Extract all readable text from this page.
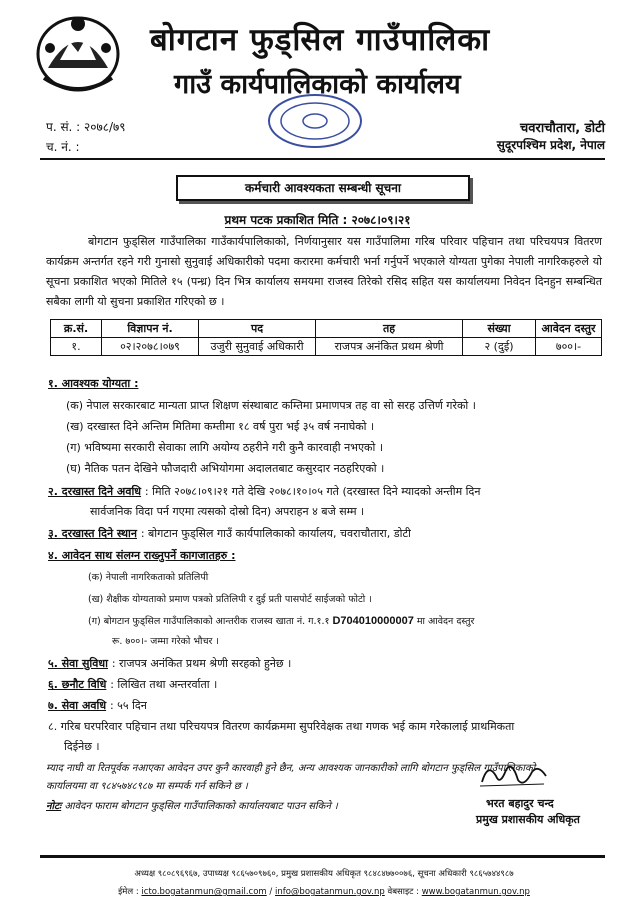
बोगटान फुड्सिल गाउँपालिका
गाउँ कार्यपालिकाको कार्यालय
प. सं. : २०७८/७९
च. नं. :
चवराचौतारा, डोटी
सुदूरपश्चिम प्रदेश, नेपाल
कर्मचारी आवश्यकता सम्बन्धी सूचना
प्रथम पटक प्रकाशित मिति : २०७८।०९।२१
बोगटान फुड्सिल गाउँपालिका गाउँकार्यपालिकाको, निर्णयानुसार यस गाउँपालिमा गरिब परिवार पहिचान तथा परिचयपत्र वितरण कार्यक्रम अन्तर्गत रहने गरी गुनासो सुनुवाई अधिकारीको पदमा करारमा कर्मचारी भर्ना गर्नुपर्ने भएकाले योग्यता पुगेका नेपाली नागरिकहरुले यो सूचना प्रकाशित भएको मितिले १५ (पन्ध्र) दिन भित्र कार्यालय समयमा राजस्व तिरेको रसिद सहित यस कार्यालयमा निवेदन दिनहुन सम्बन्धित सबैका लागी यो सुचना प्रकाशित गरिएको छ ।
क्र.सं.	विज्ञापन नं.	पद	तह	संख्या	आवेदन दस्तुर
१.	०२।२०७८।०७९	उजुरी सुनुवाई अधिकारी	राजपत्र अनंकित प्रथम श्रेणी	२ (दुई)	७००।-
१. आवश्यक योग्यता :
(क) नेपाल सरकारबाट मान्यता प्राप्त शिक्षण संस्थाबाट कम्तिमा प्रमाणपत्र तह वा सो सरह उत्तिर्ण गरेको ।
(ख) दरखास्त दिने अन्तिम मितिमा कम्तीमा १८ वर्ष पुरा भई ३५ वर्ष ननाघेको ।
(ग) भविष्यमा सरकारी सेवाका लागि अयोग्य ठहरीने गरी कुनै कारवाही नभएको ।
(घ) नैतिक पतन देखिने फौजदारी अभियोगमा अदालतबाट कसुरदार नठहरिएको ।
२. दरखास्त दिने अवधि : मिति २०७८।०९।२१ गते देखि २०७८।१०।०५ गते (दरखास्त दिने म्यादको अन्तीम दिन
सार्वजनिक विदा पर्न गएमा त्यसको दोस्रो दिन) अपराहन ४ बजे सम्म ।
३. दरखास्त दिने स्थान : बोगटान फुड्सिल गाउँ कार्यपालिकाको कार्यालय, चवराचौतारा, डोटी
४. आवेदन साथ संलग्न राख्नुपर्ने कागजातहरु :
(क) नेपाली नागरिकताको प्रतिलिपी
(ख) शैक्षीक योग्यताको प्रमाण पत्रको प्रतिलिपी र दुई प्रती पासपोर्ट साईजको फोटो ।
(ग) बोगटान फुड्सिल गाउँपालिकाको आन्तरीक राजस्व खाता नं. ग.१.१ D704010000007 मा आवेदन दस्तुर
रू. ७००।- जम्मा गरेको भौचर ।
५. सेवा सुविधा : राजपत्र अनंकित प्रथम श्रेणी सरहको हुनेछ ।
६. छनौट विधि : लिखित तथा अन्तरर्वाता ।
७. सेवा अवधि : ५५ दिन
८. गरिब घरपरिवार पहिचान तथा परिचयपत्र वितरण कार्यक्रममा सुपरिवेक्षक तथा गणक भई काम गरेकालाई प्राथमिकता
दिईनेछ ।
म्याद नाघी वा रितपूर्वक नआएका आवेदन उपर कुनै कारवाही हुने छैन, अन्य आवश्यक जानकारीको लागि बोगटान फुड्सिल गाउँपालिकाको
कार्यालयमा वा ९८४५७४८९८७ मा सम्पर्क गर्न सकिने छ ।
नोटः आवेदन फाराम बोगटान फुड्सिल गाउँपालिकाको कार्यालयबाट पाउन सकिने ।	भरत बहादुर चन्द
प्रमुख प्रशासकीय अधिकृत
अध्यक्ष ९८०८९६९६७, उपाध्यक्ष ९८६५७०९७६०, प्रमुख प्रशासकीय अधिकृत ९८४८४७७००७६, सूचना अधिकारी ९८६५७४४९८७
ईमेल : icto.bogatanmun@gmail.com / info@bogatanmun.gov.np वेबसाइट : www.bogatanmun.gov.np
